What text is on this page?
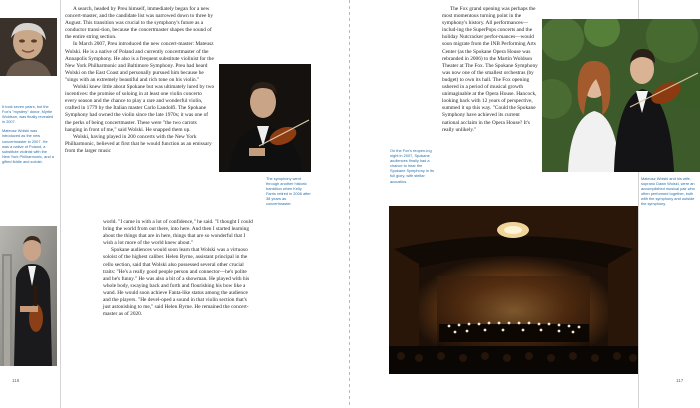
It took seven years, but the Fox's "mystery" donor, Myrtle Woldson, was finally revealed in 2007.

Mateusz Wolski was introduced as the new concertmaster in 2007. He was a native of Poland, a substitute violinist with the New York Philharmonic, and a gifted fiddle and soloist.

A search, headed by Preu himself, immediately began for a new concert-master, and the candidate list was narrowed down to three by August. This transition was crucial to the symphony's future as a conductor transi-tion, because the concertmaster shapes the sound of the entire string section.

In March 2007, Preu introduced the new concert-master: Mateusz Wolski. He is a native of Poland and currently concertmaster of the Annapolis Symphony. He also is a frequent substitute violinist for the New York Philharmonic and Baltimore Symphony. Preu had heard Wolski on the East Coast and personally pursued him because he "sings with an extremely beautiful and rich tone on his violin."

Wolski knew little about Spokane but was ultimately lured by two incentives: the promise of soloing in at least one violin concerto every season and the chance to play a rare and wonderful violin, crafted in 1779 by the Italian master Carlo Landolfi. The Spokane Symphony had owned the violin since the late 1970s; it was one of the perks of being concertmaster. These were "the two carrots hanging in front of me," said Wolski. He snapped them up.

Wolski, having played in 200 concerts with the New York Philharmonic, believed at first that he would function as an emissary from the larger music

The symphony went through another historic transition when Kelly Farris retired in 2006 after 38 years as concertmaster.

world. "I came in with a lot of confidence," he said. "I thought I could bring the world from out there, into here. And then I started learning about the things that are in here, things that are so wonderful that I wish a lot more of the world knew about."

Spokane audiences would soon learn that Wolski was a virtuoso soloist of the highest caliber. Helen Byrne, assistant principal in the cello section, said that Wolski also possessed several other crucial traits: "He's a really good people person and connector—he's polite and he's funny." He was also a bit of a showman. He played with his whole body, swaying back and forth and flourishing his bow like a wand. He would soon achieve Fanta-like status among the audience and the players. "He devel-oped a sound in that violin section that's just astonishing to me," said Helen Byrne. He remained the concert-master as of 2020.

116

On the Fox's reopen-ing night in 2007, Spokane audiences finally had a chance to hear the Spokane Symphony in its full glory, with stellar acoustics.

The Fox grand opening was perhaps the most momentous turning point in the symphony's history. All performances—includ-ing the SuperPops concerts and the holiday Nutcracker perfor-mances—would soon migrate from the INB Performing Arts Center (as the Spokane Opera House was rebranded in 2006) to the Martin Woldson Theater at The Fox. The Spokane Symphony was now one of the smallest orchestras (by budget) to own its hall. The Fox opening ushered in a period of musical growth unimaginable at the Opera House. Hancock, looking back with 12 years of perspective, summed it up this way. "Could the Spokane Symphony have achieved its current national acclaim in the Opera House? It's really unlikely."

Mateusz Wolski and his wife, soprano Dawn Wolski, were an accomplished musical pair who often performed together, both with the symphony and outside the symphony.

117
